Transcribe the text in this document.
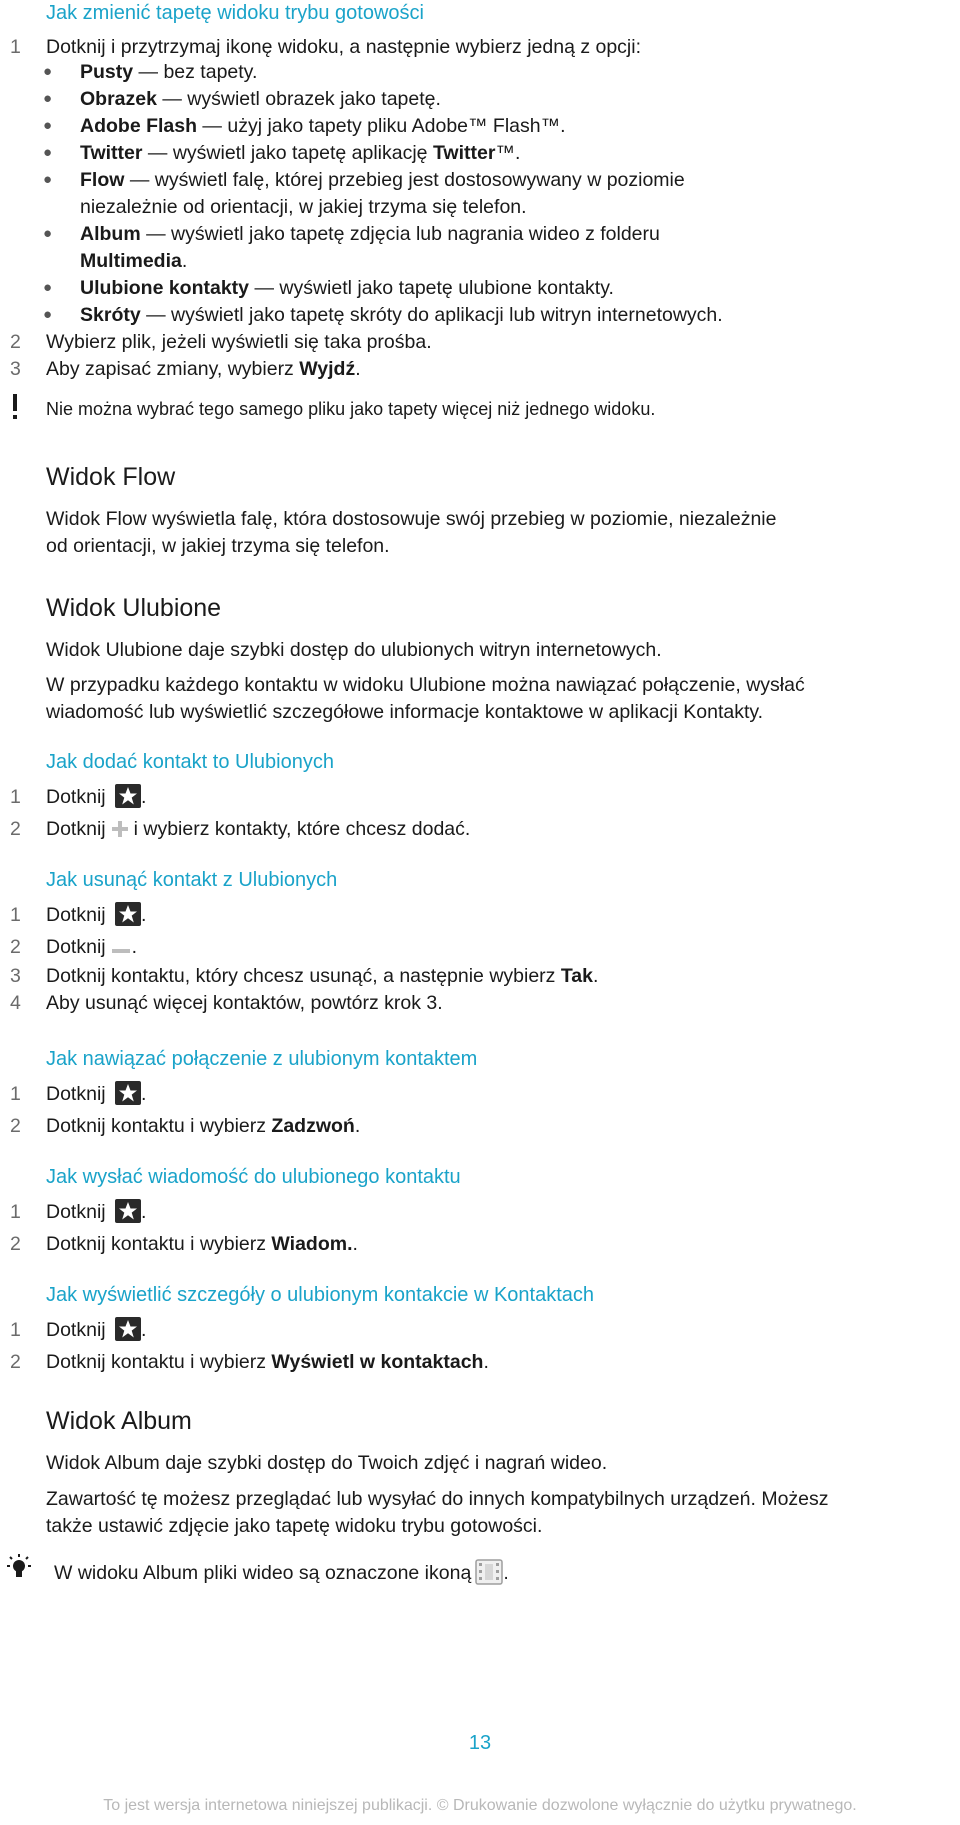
Jak zmienić tapetę widoku trybu gotowości
1 Dotknij i przytrzymaj ikonę widoku, a następnie wybierz jedną z opcji:
● Pusty — bez tapety.
● Obrazek — wyświetl obrazek jako tapetę.
● Adobe Flash — użyj jako tapety pliku Adobe™ Flash™.
● Twitter — wyświetl jako tapetę aplikację Twitter™.
● Flow — wyświetl falę, której przebieg jest dostosowywany w poziomie
niezależnie od orientacji, w jakiej trzyma się telefon.
● Album — wyświetl jako tapetę zdjęcia lub nagrania wideo z folderu
Multimedia.
● Ulubione kontakty — wyświetl jako tapetę ulubione kontakty.
● Skróty — wyświetl jako tapetę skróty do aplikacji lub witryn internetowych.
2 Wybierz plik, jeżeli wyświetli się taka prośba.
3 Aby zapisać zmiany, wybierz Wyjdź.
Nie można wybrać tego samego pliku jako tapety więcej niż jednego widoku.
Widok Flow
Widok Flow wyświetla falę, która dostosowuje swój przebieg w poziomie, niezależnie
od orientacji, w jakiej trzyma się telefon.
Widok Ulubione
Widok Ulubione daje szybki dostęp do ulubionych witryn internetowych.
W przypadku każdego kontaktu w widoku Ulubione można nawiązać połączenie, wysłać
wiadomość lub wyświetlić szczegółowe informacje kontaktowe w aplikacji Kontakty.
Jak dodać kontakt to Ulubionych
1 Dotknij .
2 Dotknij i wybierz kontakty, które chcesz dodać.
Jak usunąć kontakt z Ulubionych
1 Dotknij .
2 Dotknij .
3 Dotknij kontaktu, który chcesz usunąć, a następnie wybierz Tak.
4 Aby usunąć więcej kontaktów, powtórz krok 3.
Jak nawiązać połączenie z ulubionym kontaktem
1 Dotknij .
2 Dotknij kontaktu i wybierz Zadzwoń.
Jak wysłać wiadomość do ulubionego kontaktu
1 Dotknij .
2 Dotknij kontaktu i wybierz Wiadom..
Jak wyświetlić szczegóły o ulubionym kontakcie w Kontaktach
1 Dotknij .
2 Dotknij kontaktu i wybierz Wyświetl w kontaktach.
Widok Album
Widok Album daje szybki dostęp do Twoich zdjęć i nagrań wideo.
Zawartość tę możesz przeglądać lub wysyłać do innych kompatybilnych urządzeń. Możesz
także ustawić zdjęcie jako tapetę widoku trybu gotowości.
W widoku Album pliki wideo są oznaczone ikoną .
13
To jest wersja internetowa niniejszej publikacji. © Drukowanie dozwolone wyłącznie do użytku prywatnego.
